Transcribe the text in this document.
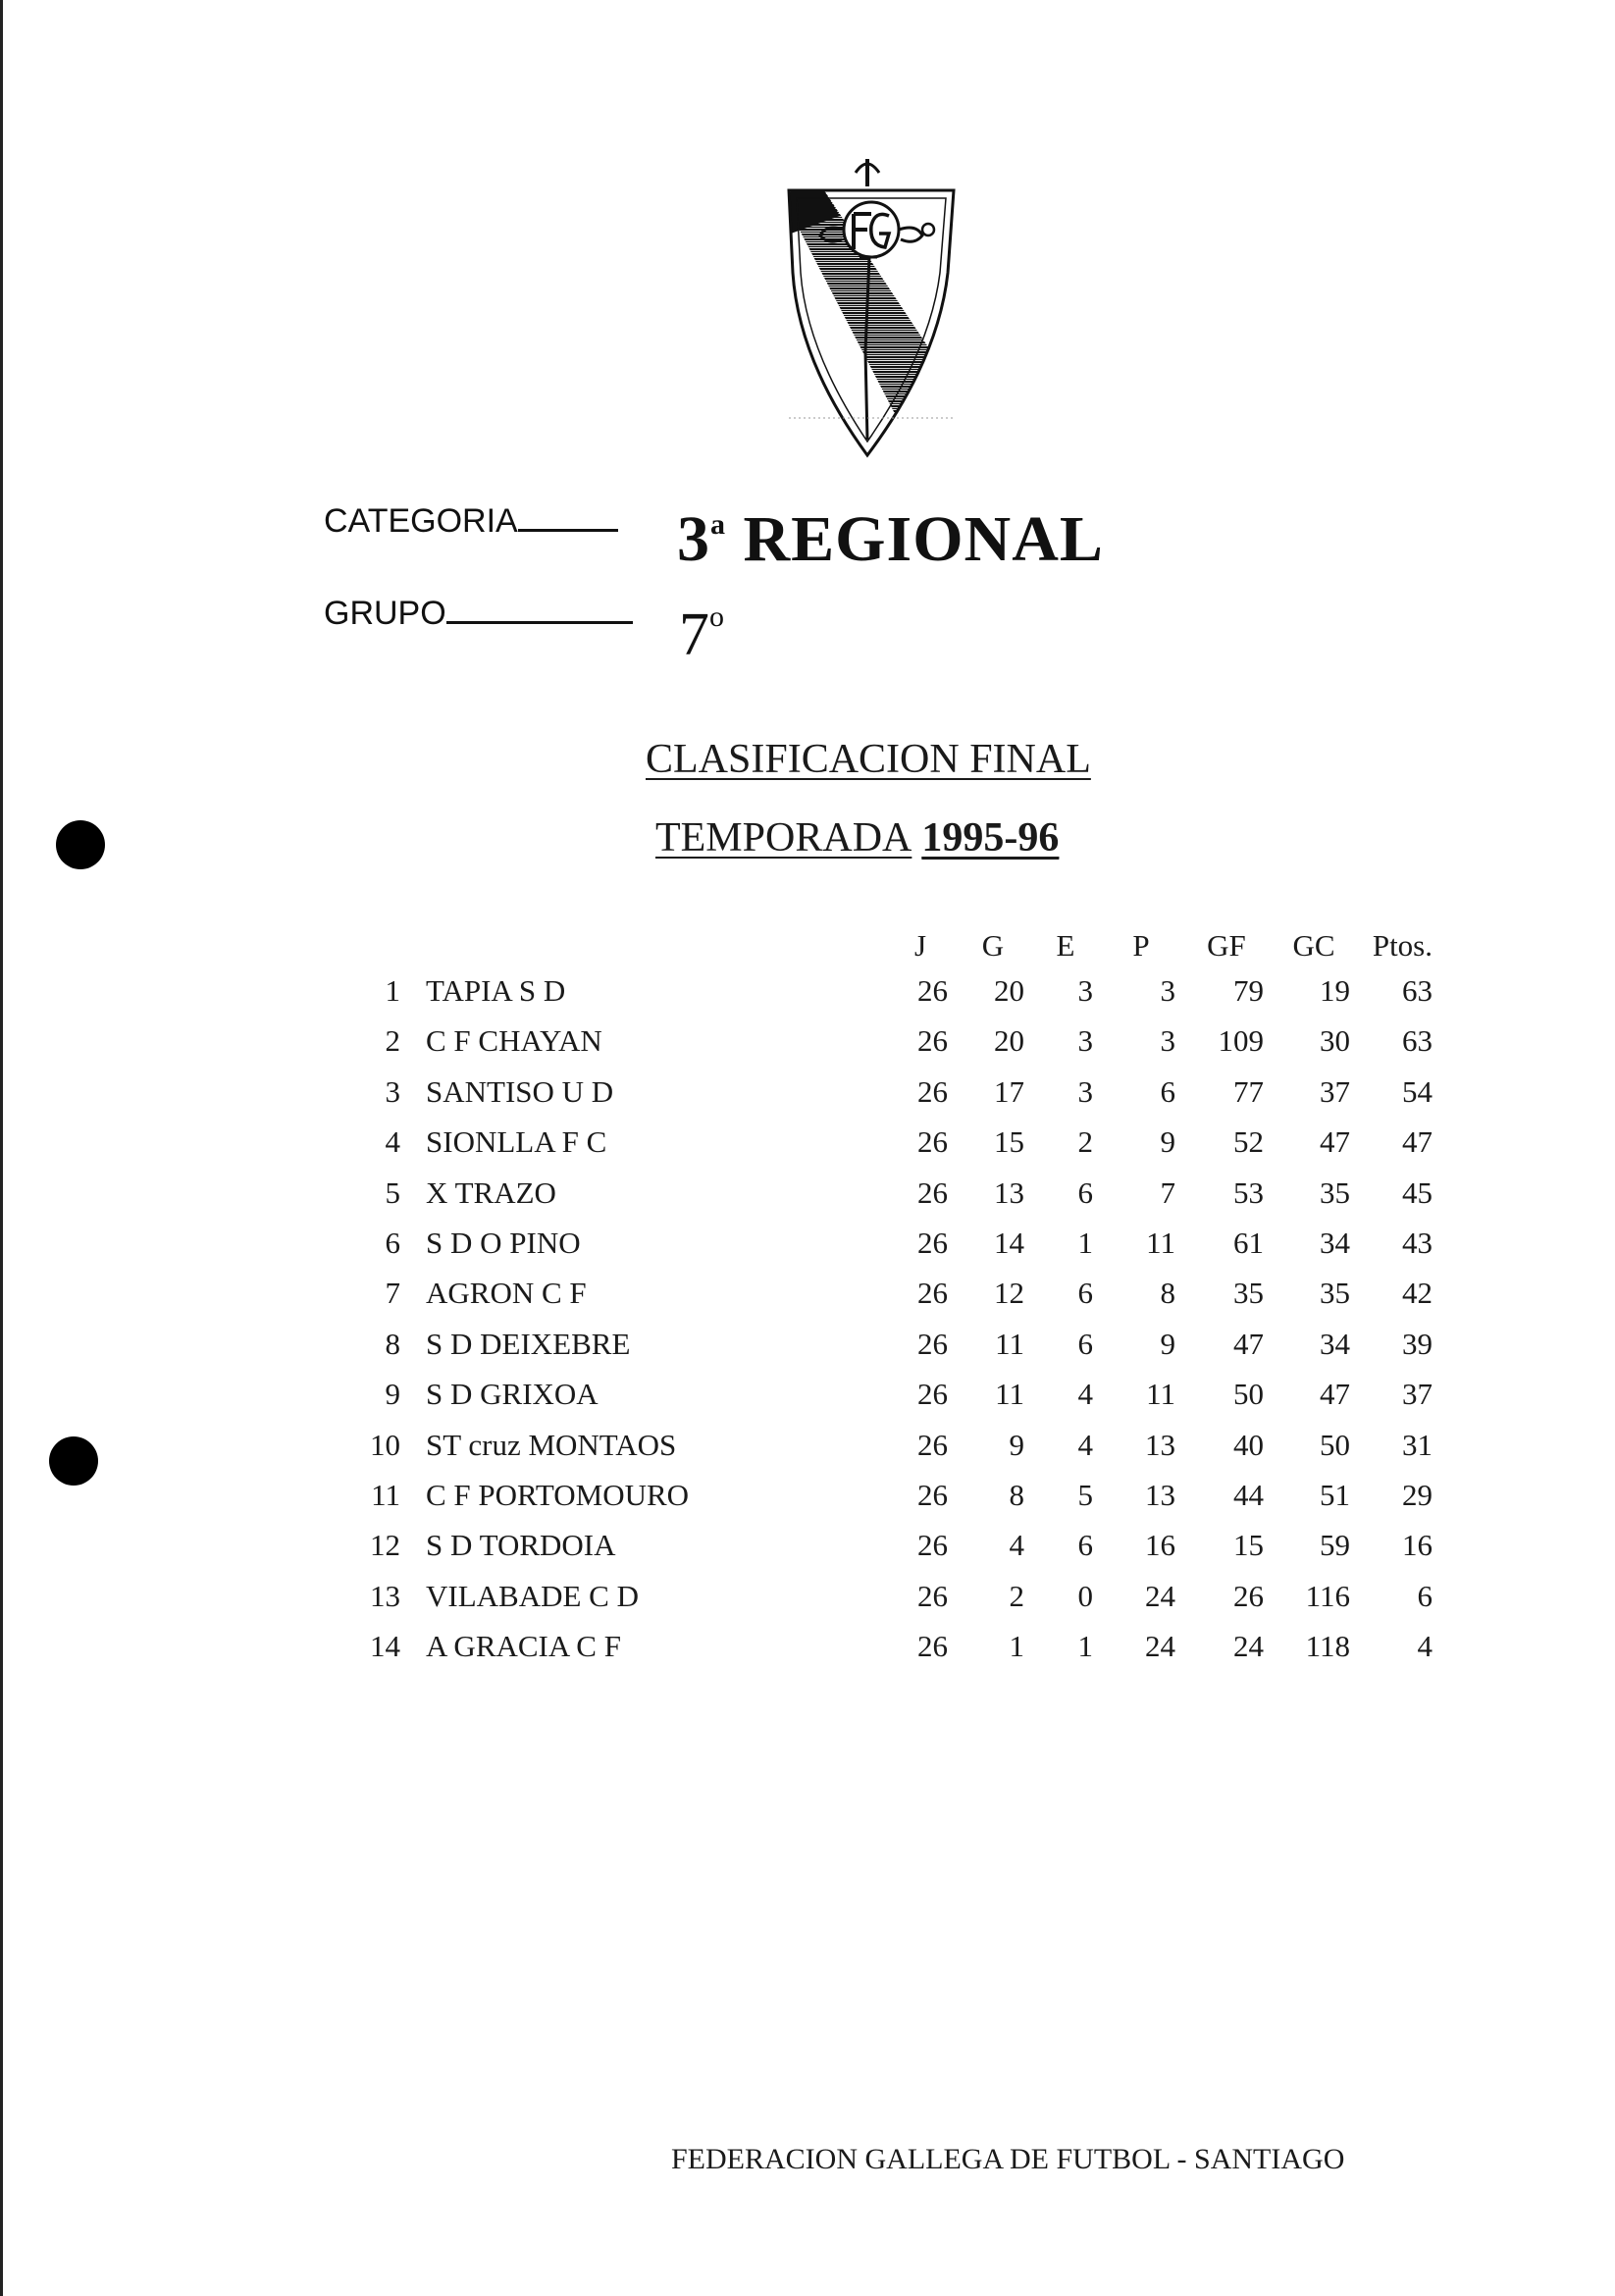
CATEGORIA	3$^a$ REGIONAL
GRUPO	7$^o$
CLASIFICACION FINAL
TEMPORADA 1995-96
		J	G	E	P	GF	GC	Ptos.
1	TAPIA S D	26	20	3	3	79	19	63
2	C F CHAYAN	26	20	3	3	109	30	63
3	SANTISO U D	26	17	3	6	77	37	54
4	SIONLLA F C	26	15	2	9	52	47	47
5	X TRAZO	26	13	6	7	53	35	45
6	S D O PINO	26	14	1	11	61	34	43
7	AGRON C F	26	12	6	8	35	35	42
8	S D DEIXEBRE	26	11	6	9	47	34	39
9	S D GRIXOA	26	11	4	11	50	47	37
10	ST cruz MONTAOS	26	9	4	13	40	50	31
11	C F PORTOMOURO	26	8	5	13	44	51	29
12	S D TORDOIA	26	4	6	16	15	59	16
13	VILABADE C D	26	2	0	24	26	116	6
14	A GRACIA C F	26	1	1	24	24	118	4
FEDERACION GALLEGA DE FUTBOL - SANTIAGO
